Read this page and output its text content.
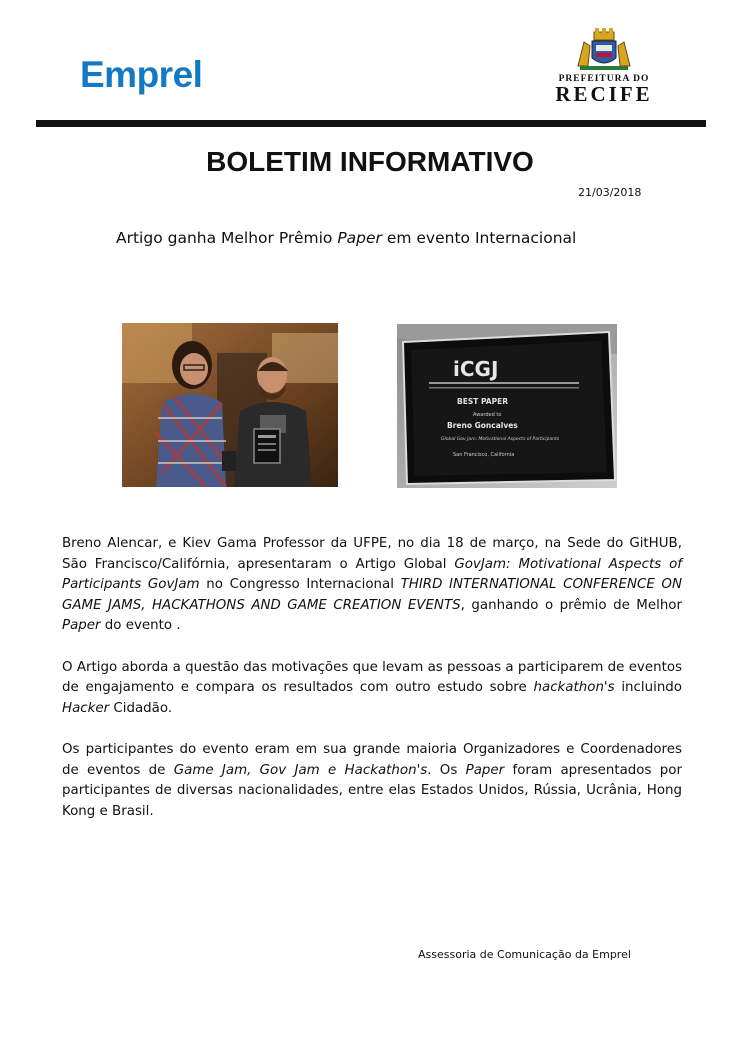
Emprel	PREFEITURA DO
RECIFE
BOLETIM INFORMATIVO
21/03/2018
Artigo ganha Melhor Prêmio Paper em evento Internacional
iCGJ
BEST PAPER
Awarded to
Breno Goncalves
Global Gov Jam: Motivational Aspects of Participants
San Francisco, California

Breno Alencar, e Kiev Gama Professor da UFPE, no dia 18 de março, na Sede do GitHUB, São Francisco/Califórnia, apresentaram o Artigo Global GovJam: Motivational Aspects of Participants GovJam no Congresso Internacional THIRD INTERNATIONAL CONFERENCE ON GAME JAMS, HACKATHONS AND GAME CREATION EVENTS, ganhando o prêmio de Melhor Paper do evento .

O Artigo aborda a questão das motivações que levam as pessoas a participarem de eventos de engajamento e compara os resultados com outro estudo sobre hackathon's incluindo Hacker Cidadão.

Os participantes do evento eram em sua grande maioria Organizadores e Coordenadores de eventos de Game Jam, Gov Jam e Hackathon's. Os Paper foram apresentados por participantes de diversas nacionalidades, entre elas Estados Unidos, Rússia, Ucrânia, Hong Kong e Brasil.

Assessoria de Comunicação da Emprel
